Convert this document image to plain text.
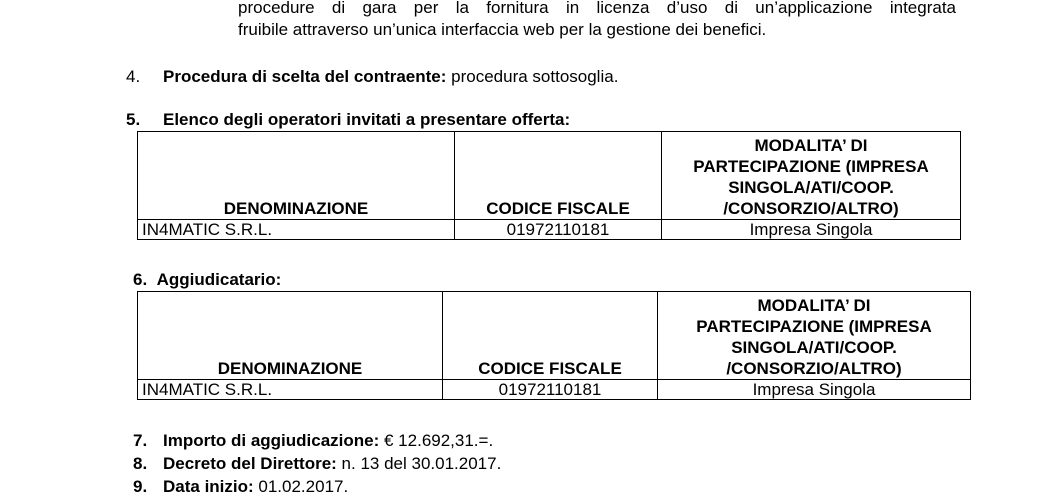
procedure di gara per la fornitura in licenza d’uso di un’applicazione integrata
fruibile attraverso un’unica interfaccia web per la gestione dei benefici.
4. Procedura di scelta del contraente: procedura sottosoglia.
5. Elenco degli operatori invitati a presentare offerta:
DENOMINAZIONE	CODICE FISCALE	MODALITA’ DI
PARTECIPAZIONE (IMPRESA
SINGOLA/ATI/COOP.
/CONSORZIO/ALTRO)

IN4MATIC S.R.L.	01972110181	Impresa Singola
6. Aggiudicatario:
DENOMINAZIONE	CODICE FISCALE	MODALITA’ DI
PARTECIPAZIONE (IMPRESA
SINGOLA/ATI/COOP.
/CONSORZIO/ALTRO)

IN4MATIC S.R.L.	01972110181	Impresa Singola
7. Importo di aggiudicazione: € 12.692,31.=.
8. Decreto del Direttore: n. 13 del 30.01.2017.
9. Data inizio: 01.02.2017.
